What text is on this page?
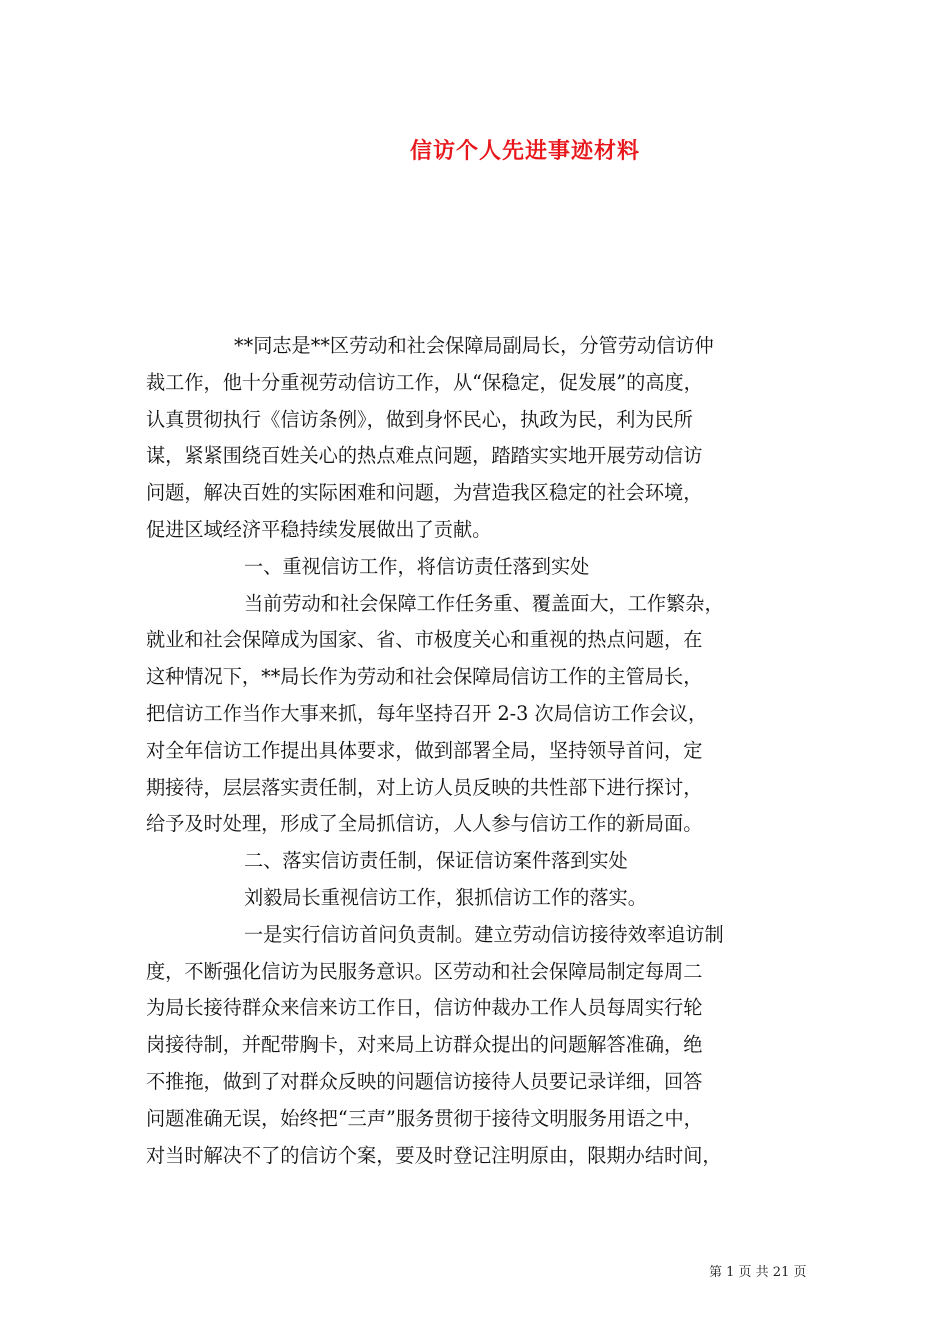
信访个人先进事迹材料
**同志是**区劳动和社会保障局副局长，分管劳动信访仲
裁工作，他十分重视劳动信访工作，从“保稳定，促发展”的高度，
认真贯彻执行《信访条例》，做到身怀民心，执政为民，利为民所
谋，紧紧围绕百姓关心的热点难点问题，踏踏实实地开展劳动信访
问题，解决百姓的实际困难和问题，为营造我区稳定的社会环境，
促进区域经济平稳持续发展做出了贡献。
一、重视信访工作，将信访责任落到实处
当前劳动和社会保障工作任务重、覆盖面大，工作繁杂，
就业和社会保障成为国家、省、市极度关心和重视的热点问题，在
这种情况下，**局长作为劳动和社会保障局信访工作的主管局长，
把信访工作当作大事来抓，每年坚持召开 2-3 次局信访工作会议，
对全年信访工作提出具体要求，做到部署全局，坚持领导首问，定
期接待，层层落实责任制，对上访人员反映的共性部下进行探讨，
给予及时处理，形成了全局抓信访，人人参与信访工作的新局面。
二、落实信访责任制，保证信访案件落到实处
刘毅局长重视信访工作，狠抓信访工作的落实。
一是实行信访首问负责制。建立劳动信访接待效率追访制
度，不断强化信访为民服务意识。区劳动和社会保障局制定每周二
为局长接待群众来信来访工作日，信访仲裁办工作人员每周实行轮
岗接待制，并配带胸卡，对来局上访群众提出的问题解答准确，绝
不推拖，做到了对群众反映的问题信访接待人员要记录详细，回答
问题准确无误，始终把“三声”服务贯彻于接待文明服务用语之中，
对当时解决不了的信访个案，要及时登记注明原由，限期办结时间，
第 1 页 共 21 页
